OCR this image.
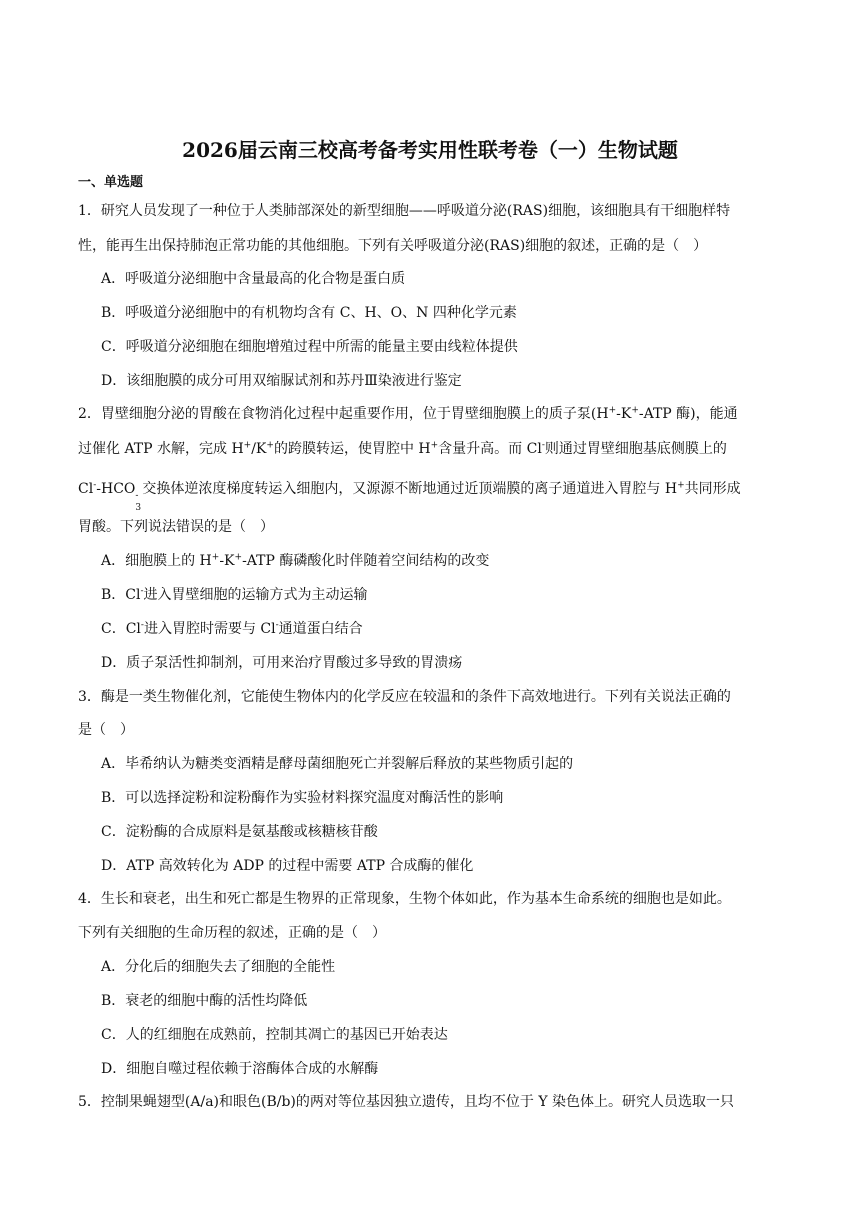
2026届云南三校高考备考实用性联考卷（一）生物试题
一、单选题
1．研究人员发现了一种位于人类肺部深处的新型细胞——呼吸道分泌(RAS)细胞，该细胞具有干细胞样特
性，能再生出保持肺泡正常功能的其他细胞。下列有关呼吸道分泌(RAS)细胞的叙述，正确的是（　）
A．呼吸道分泌细胞中含量最高的化合物是蛋白质
B．呼吸道分泌细胞中的有机物均含有 C、H、O、N 四种化学元素
C．呼吸道分泌细胞在细胞增殖过程中所需的能量主要由线粒体提供
D．该细胞膜的成分可用双缩脲试剂和苏丹Ⅲ染液进行鉴定
2．胃壁细胞分泌的胃酸在食物消化过程中起重要作用，位于胃壁细胞膜上的质子泵(H+-K+-ATP 酶)，能通
过催化 ATP 水解，完成 H+/K+的跨膜转运，使胃腔中 H+含量升高。而 Cl-则通过胃壁细胞基底侧膜上的
Cl--HCO -
3
交换体逆浓度梯度转运入细胞内，又源源不断地通过近顶端膜的离子通道进入胃腔与 H+共同形成
胃酸。下列说法错误的是（　）
A．细胞膜上的 H+-K+-ATP 酶磷酸化时伴随着空间结构的改变
B．Cl-进入胃壁细胞的运输方式为主动运输
C．Cl-进入胃腔时需要与 Cl-通道蛋白结合
D．质子泵活性抑制剂，可用来治疗胃酸过多导致的胃溃疡
3．酶是一类生物催化剂，它能使生物体内的化学反应在较温和的条件下高效地进行。下列有关说法正确的
是（　）
A．毕希纳认为糖类变酒精是酵母菌细胞死亡并裂解后释放的某些物质引起的
B．可以选择淀粉和淀粉酶作为实验材料探究温度对酶活性的影响
C．淀粉酶的合成原料是氨基酸或核糖核苷酸
D．ATP 高效转化为 ADP 的过程中需要 ATP 合成酶的催化
4．生长和衰老，出生和死亡都是生物界的正常现象，生物个体如此，作为基本生命系统的细胞也是如此。
下列有关细胞的生命历程的叙述，正确的是（　）
A．分化后的细胞失去了细胞的全能性
B．衰老的细胞中酶的活性均降低
C．人的红细胞在成熟前，控制其凋亡的基因已开始表达
D．细胞自噬过程依赖于溶酶体合成的水解酶
5．控制果蝇翅型(A/a)和眼色(B/b)的两对等位基因独立遗传，且均不位于 Y 染色体上。研究人员选取一只
